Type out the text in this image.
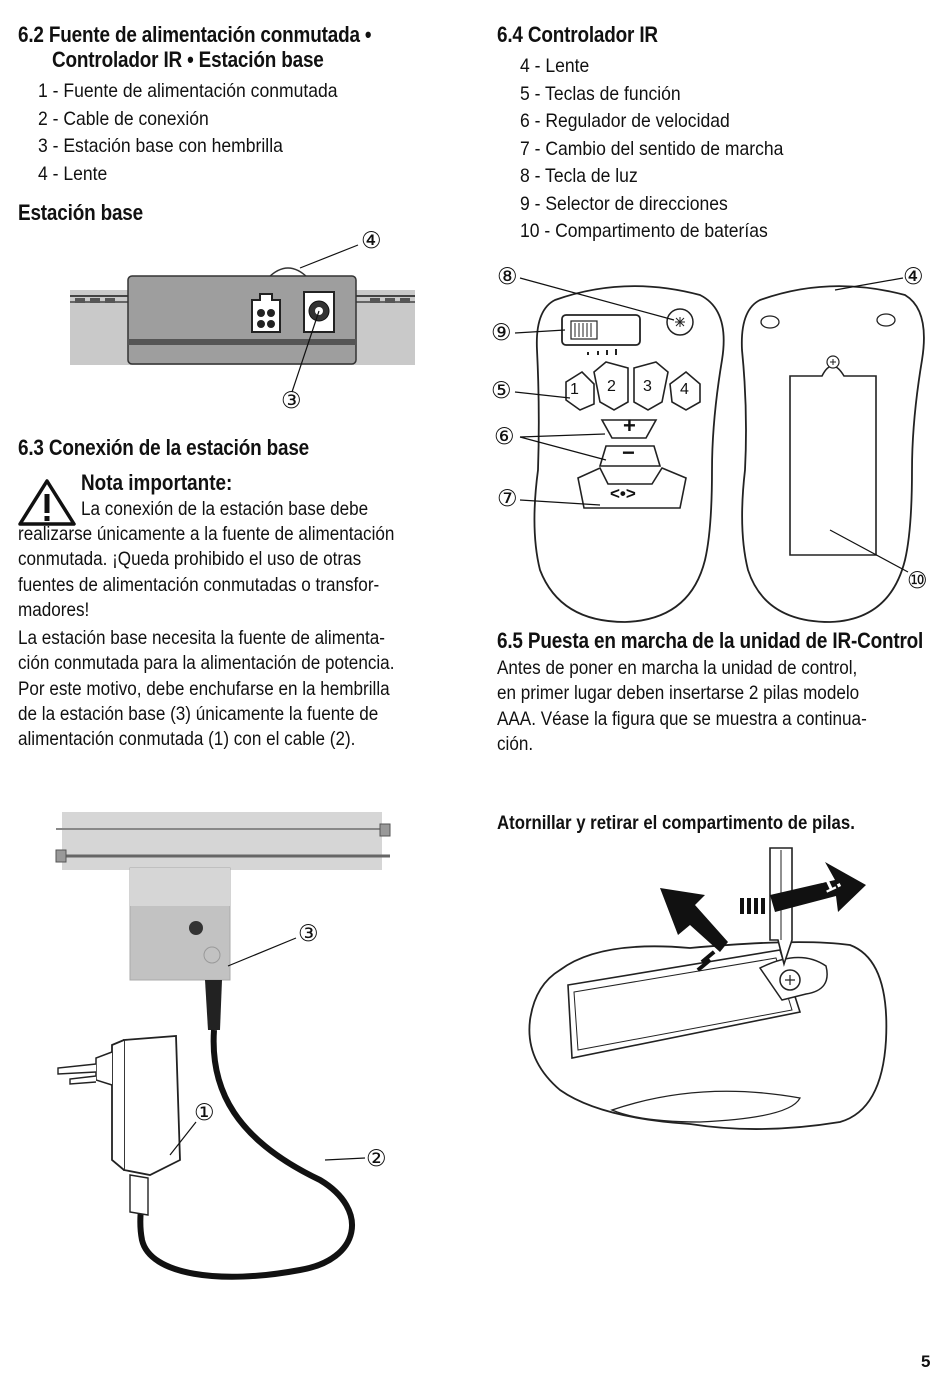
6.2 Fuente de alimentación conmutada •
Controlador IR • Estación base
1 - Fuente de alimentación conmutada
2 - Cable de conexión
3 - Estación base con hembrilla
4 - Lente
Estación base
④
③
6.3 Conexión de la estación base
Nota importante:
La conexión de la estación base debe
realizarse únicamente a la fuente de alimentación
conmutada. ¡Queda prohibido el uso de otras
fuentes de alimentación conmutadas o transfor-
madores!
La estación base necesita la fuente de alimenta-
ción conmutada para la alimentación de potencia.
Por este motivo, debe enchufarse en la hembrilla
de la estación base (3) únicamente la fuente de
alimentación conmutada (1) con el cable (2).
6.4 Controlador IR
4 - Lente
5 - Teclas de función
6 - Regulador de velocidad
7 - Cambio del sentido de marcha
8 - Tecla de luz
9 - Selector de direcciones
10 - Compartimento de baterías
1 2 3 4
+
−
<•>
⑧
⑨
⑤
⑥
⑦
④
⑩
6.5 Puesta en marcha de la unidad de IR-Control
Antes de poner en marcha la unidad de control,
en primer lugar deben insertarse 2 pilas modelo
AAA. Véase la figura que se muestra a continua-
ción.
Atornillar y retirar el compartimento de pilas.
1.
2.
③
①
②
5
